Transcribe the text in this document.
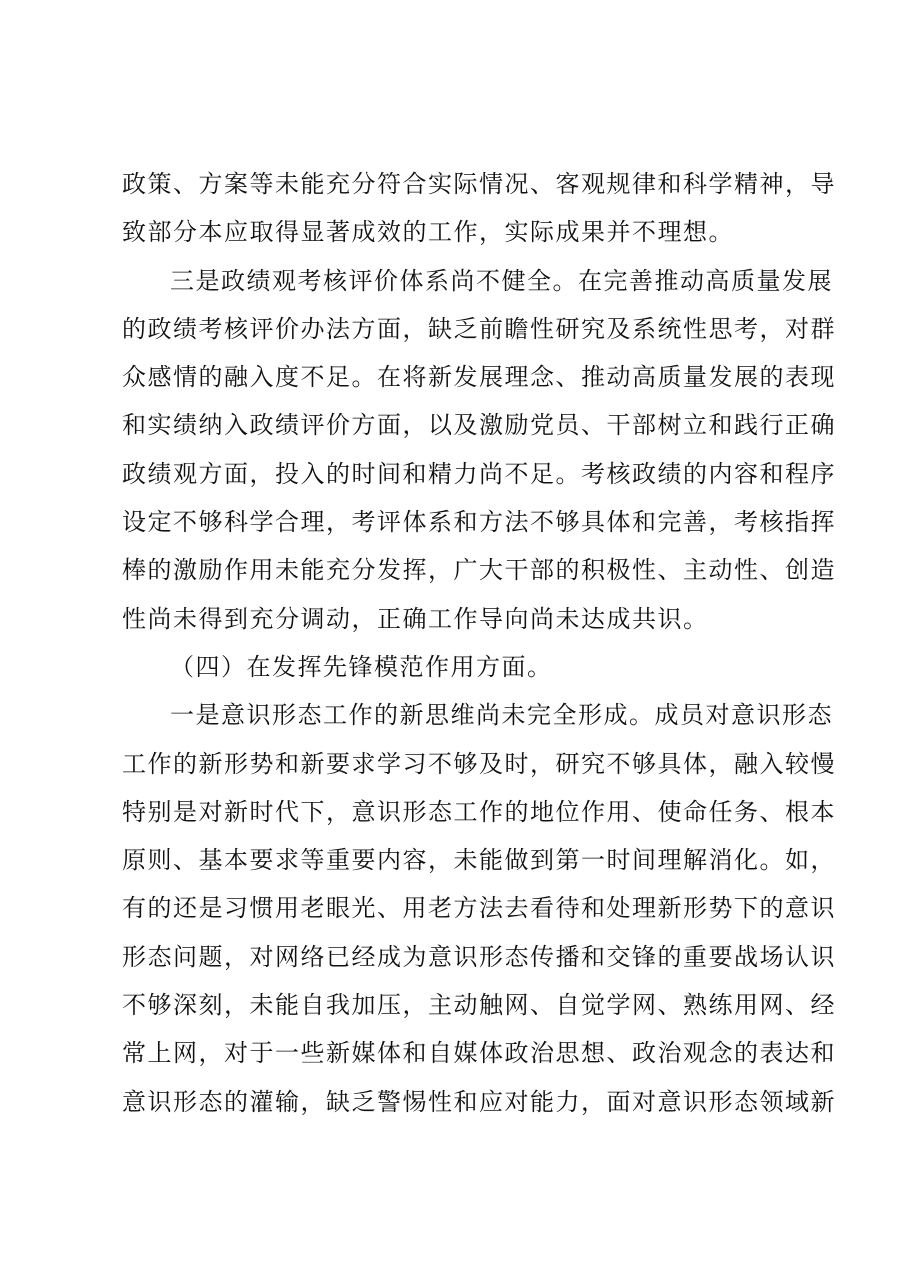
政策、方案等未能充分符合实际情况、客观规律和科学精神，导
致部分本应取得显著成效的工作，实际成果并不理想。
三是政绩观考核评价体系尚不健全。在完善推动高质量发展
的政绩考核评价办法方面，缺乏前瞻性研究及系统性思考，对群
众感情的融入度不足。在将新发展理念、推动高质量发展的表现
和实绩纳入政绩评价方面，以及激励党员、干部树立和践行正确
政绩观方面，投入的时间和精力尚不足。考核政绩的内容和程序
设定不够科学合理，考评体系和方法不够具体和完善，考核指挥
棒的激励作用未能充分发挥，广大干部的积极性、主动性、创造
性尚未得到充分调动，正确工作导向尚未达成共识。
（四）在发挥先锋模范作用方面。
一是意识形态工作的新思维尚未完全形成。成员对意识形态
工作的新形势和新要求学习不够及时，研究不够具体，融入较慢
特别是对新时代下，意识形态工作的地位作用、使命任务、根本
原则、基本要求等重要内容，未能做到第一时间理解消化。如，
有的还是习惯用老眼光、用老方法去看待和处理新形势下的意识
形态问题，对网络已经成为意识形态传播和交锋的重要战场认识
不够深刻，未能自我加压，主动触网、自觉学网、熟练用网、经
常上网，对于一些新媒体和自媒体政治思想、政治观念的表达和
意识形态的灌输，缺乏警惕性和应对能力，面对意识形态领域新
